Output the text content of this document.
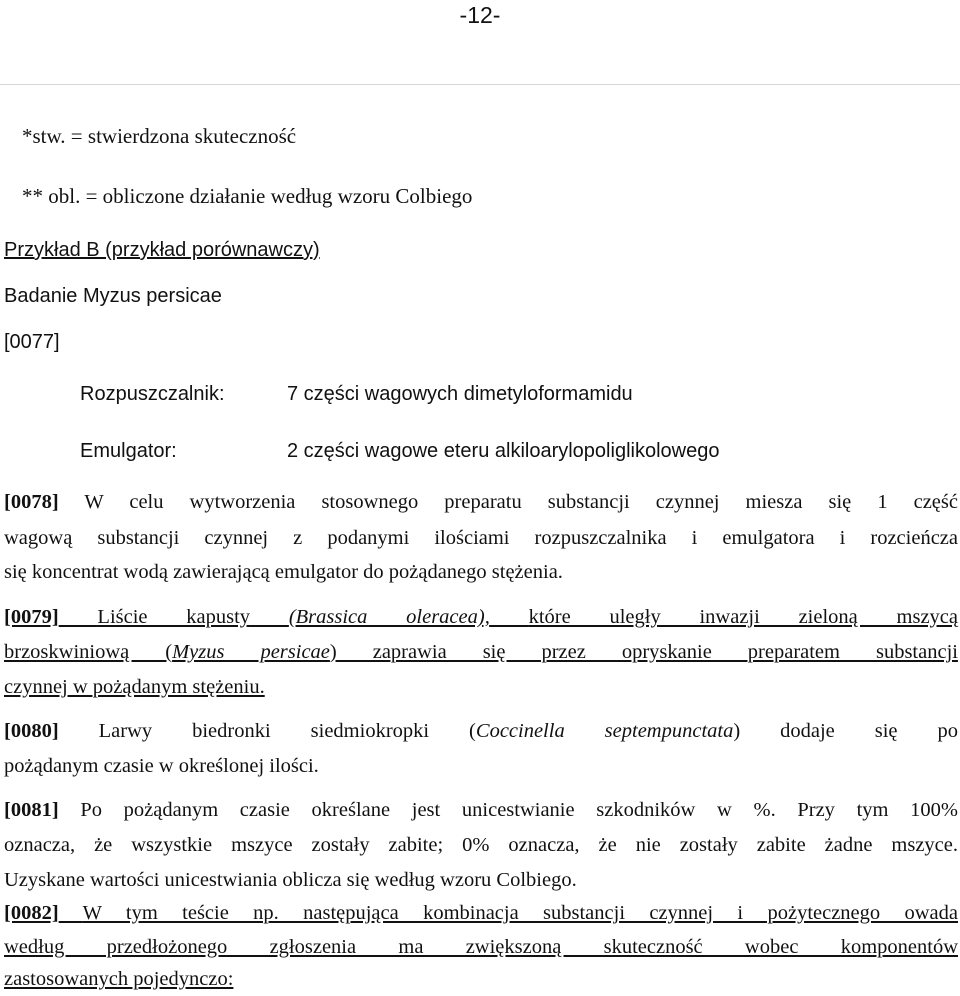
-12-
*stw. = stwierdzona skuteczność
** obl. = obliczone działanie według wzoru Colbiego
Przykład B (przykład porównawczy)
Badanie Myzus persicae
[0077]
Rozpuszczalnik:	7 części wagowych dimetyloformamidu
Emulgator:	2 części wagowe eteru alkiloarylopoliglikolowego
[0078] W celu wytworzenia stosownego preparatu substancji czynnej miesza się 1 część
wagową substancji czynnej z podanymi ilościami rozpuszczalnika i emulgatora i rozcieńcza
się koncentrat wodą zawierającą emulgator do pożądanego stężenia.
[0079] Liście kapusty (Brassica oleracea), które uległy inwazji zieloną mszycą
brzoskwiniową (Myzus persicae) zaprawia się przez opryskanie preparatem substancji
czynnej w pożądanym stężeniu.
[0080] Larwy biedronki siedmiokropki (Coccinella septempunctata) dodaje się po
pożądanym czasie w określonej ilości.
[0081] Po pożądanym czasie określane jest unicestwianie szkodników w %. Przy tym 100%
oznacza, że wszystkie mszyce zostały zabite; 0% oznacza, że nie zostały zabite żadne mszyce.
Uzyskane wartości unicestwiania oblicza się według wzoru Colbiego.
[0082] W tym teście np. następująca kombinacja substancji czynnej i pożytecznego owada
według przedłożonego zgłoszenia ma zwiększoną skuteczność wobec komponentów
zastosowanych pojedynczo:
